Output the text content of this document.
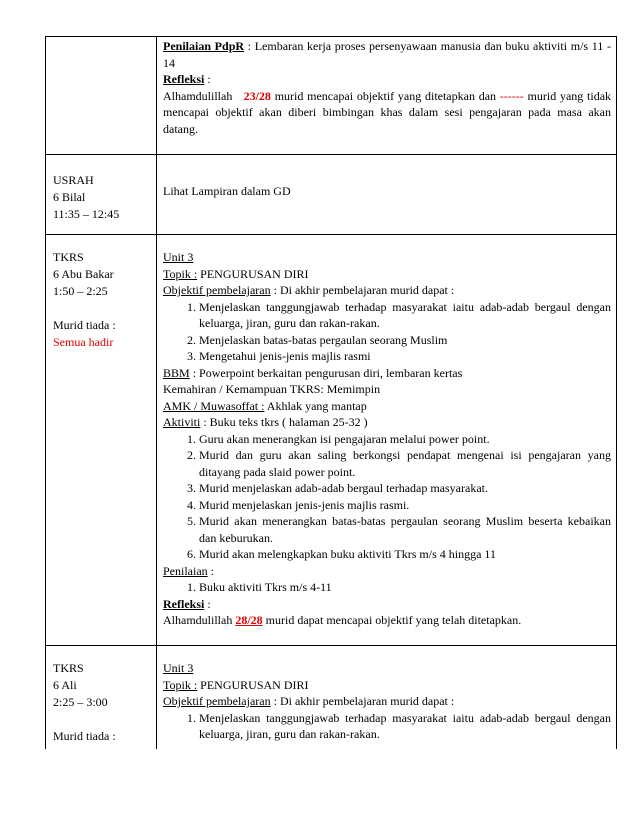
Penilaian PdpR : Lembaran kerja proses persenyawaan manusia dan buku aktiviti m/s 11 - 14

Refleksi :

Alhamdulillah 23/28 murid mencapai objektif yang ditetapkan dan ------ murid yang tidak mencapai objektif akan diberi bimbingan khas dalam sesi pengajaran pada masa akan datang.

USRAH
6 Bilal
11:35 – 12:45

Lihat Lampiran dalam GD

TKRS
6 Abu Bakar
1:50 – 2:25
Murid tiada :
Semua hadir

Unit 3

Topik : PENGURUSAN DIRI

Objektif pembelajaran : Di akhir pembelajaran murid dapat :

1. Menjelaskan tanggungjawab terhadap masyarakat iaitu adab-adab bergaul dengan keluarga, jiran, guru dan rakan-rakan.
2. Menjelaskan batas-batas pergaulan seorang Muslim
3. Mengetahui jenis-jenis majlis rasmi

BBM : Powerpoint berkaitan pengurusan diri, lembaran kertas

Kemahiran / Kemampuan TKRS: Memimpin

AMK / Muwasoffat : Akhlak yang mantap

Aktiviti : Buku teks tkrs ( halaman 25-32 )

1. Guru akan menerangkan isi pengajaran melalui power point.
2. Murid dan guru akan saling berkongsi pendapat mengenai isi pengajaran yang ditayang pada slaid power point.
3. Murid menjelaskan adab-adab bergaul terhadap masyarakat.
4. Murid menjelaskan jenis-jenis majlis rasmi.
5. Murid akan menerangkan batas-batas pergaulan seorang Muslim beserta kebaikan dan keburukan.
6. Murid akan melengkapkan buku aktiviti Tkrs m/s 4 hingga 11

Penilaian :

1. Buku aktiviti Tkrs m/s 4-11

Refleksi :

Alhamdulillah 28/28 murid dapat mencapai objektif yang telah ditetapkan.

TKRS
6 Ali
2:25 – 3:00
Murid tiada :

Unit 3

Topik : PENGURUSAN DIRI

Objektif pembelajaran : Di akhir pembelajaran murid dapat :

1. Menjelaskan tanggungjawab terhadap masyarakat iaitu adab-adab bergaul dengan keluarga, jiran, guru dan rakan-rakan.
